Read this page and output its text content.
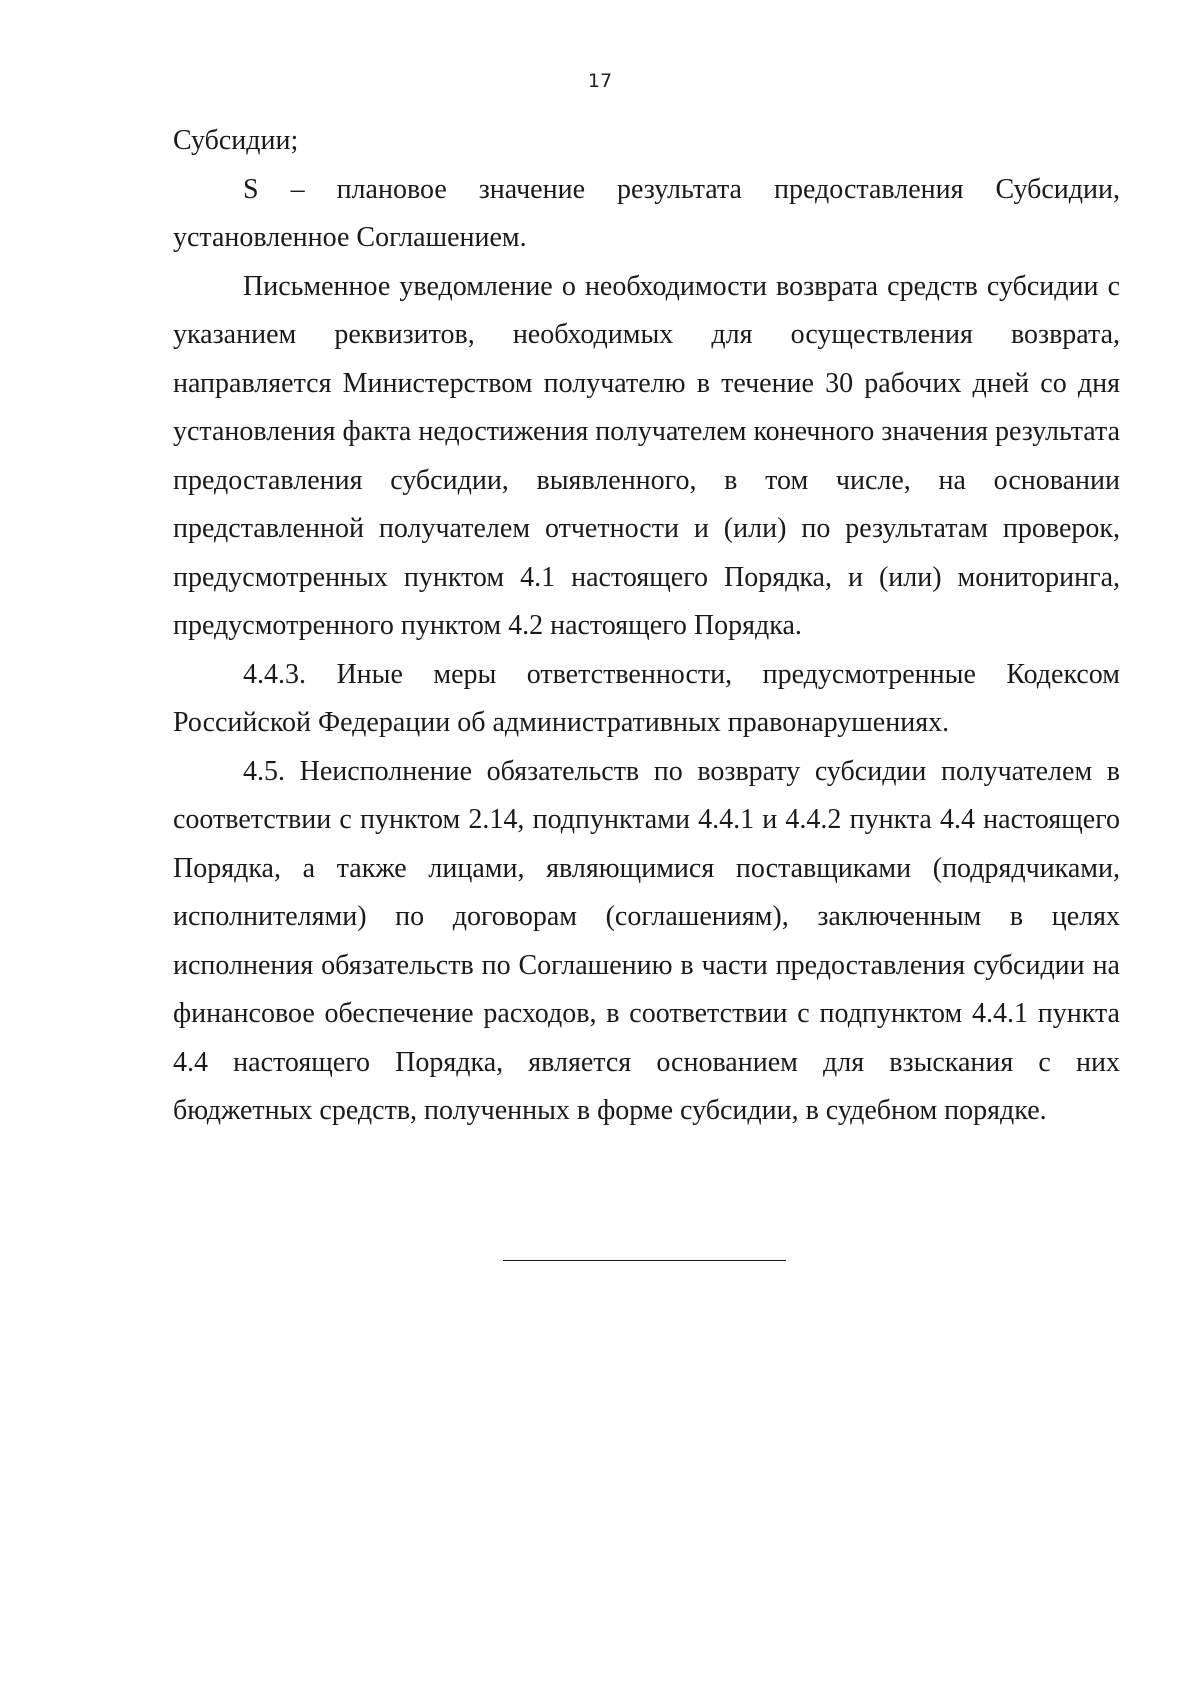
17

Субсидии;

S – плановое значение результата предоставления Субсидии, установленное Соглашением.

Письменное уведомление о необходимости возврата средств субсидии с указанием реквизитов, необходимых для осуществления возврата, направляется Министерством получателю в течение 30 рабочих дней со дня установления факта недостижения получателем конечного значения результата предоставления субсидии, выявленного, в том числе, на основании представленной получателем отчетности и (или) по результатам проверок, предусмотренных пунктом 4.1 настоящего Порядка, и (или) мониторинга, предусмотренного пунктом 4.2 настоящего Порядка.

4.4.3. Иные меры ответственности, предусмотренные Кодексом Российской Федерации об административных правонарушениях.

4.5. Неисполнение обязательств по возврату субсидии получателем в соответствии с пунктом 2.14, подпунктами 4.4.1 и 4.4.2 пункта 4.4 настоящего Порядка, а также лицами, являющимися поставщиками (подрядчиками, исполнителями) по договорам (соглашениям), заключенным в целях исполнения обязательств по Соглашению в части предоставления субсидии на финансовое обеспечение расходов, в соответствии с подпунктом 4.4.1 пункта 4.4 настоящего Порядка, является основанием для взыскания с них бюджетных средств, полученных в форме субсидии, в судебном порядке.
